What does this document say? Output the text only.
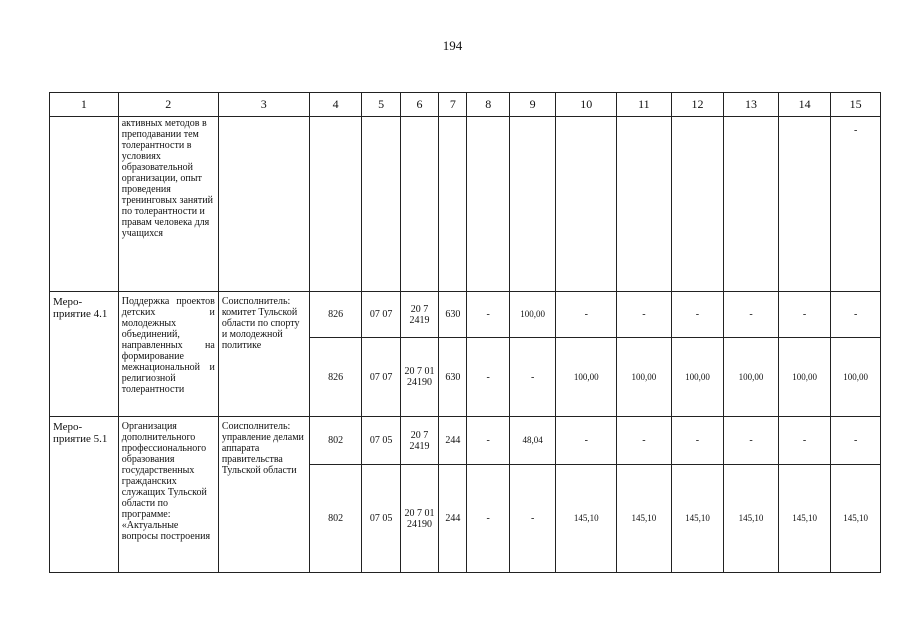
194
1	2	3	4	5	6	7	8	9	10	11	12	13	14	15
	активных методов в преподавании тем толерантности в условиях образовательной организации, опыт проведения тренинговых занятий по толерантности и правам человека для учащихся													-
Меро-приятие 4.1	Поддержка проектов детских и молодежных объединений, направленных на формирование межнациональной и религиозной толерантности	Соисполнитель: комитет Тульской области по спорту и молодежной политике	826	07 07	20 7 2419	630	-	100,00	-	-	-	-	-	-
			826	07 07	20 7 01 24190	630	-	-	100,00	100,00	100,00	100,00	100,00	100,00
Меро-приятие 5.1	Организация дополнительного профессионального образования государственных гражданских служащих Тульской области по программе: «Актуальные вопросы построения	Соисполнитель: управление делами аппарата правительства Тульской области	802	07 05	20 7 2419	244	-	48,04	-	-	-	-	-	-
			802	07 05	20 7 01 24190	244	-	-	145,10	145,10	145,10	145,10	145,10	145,10
